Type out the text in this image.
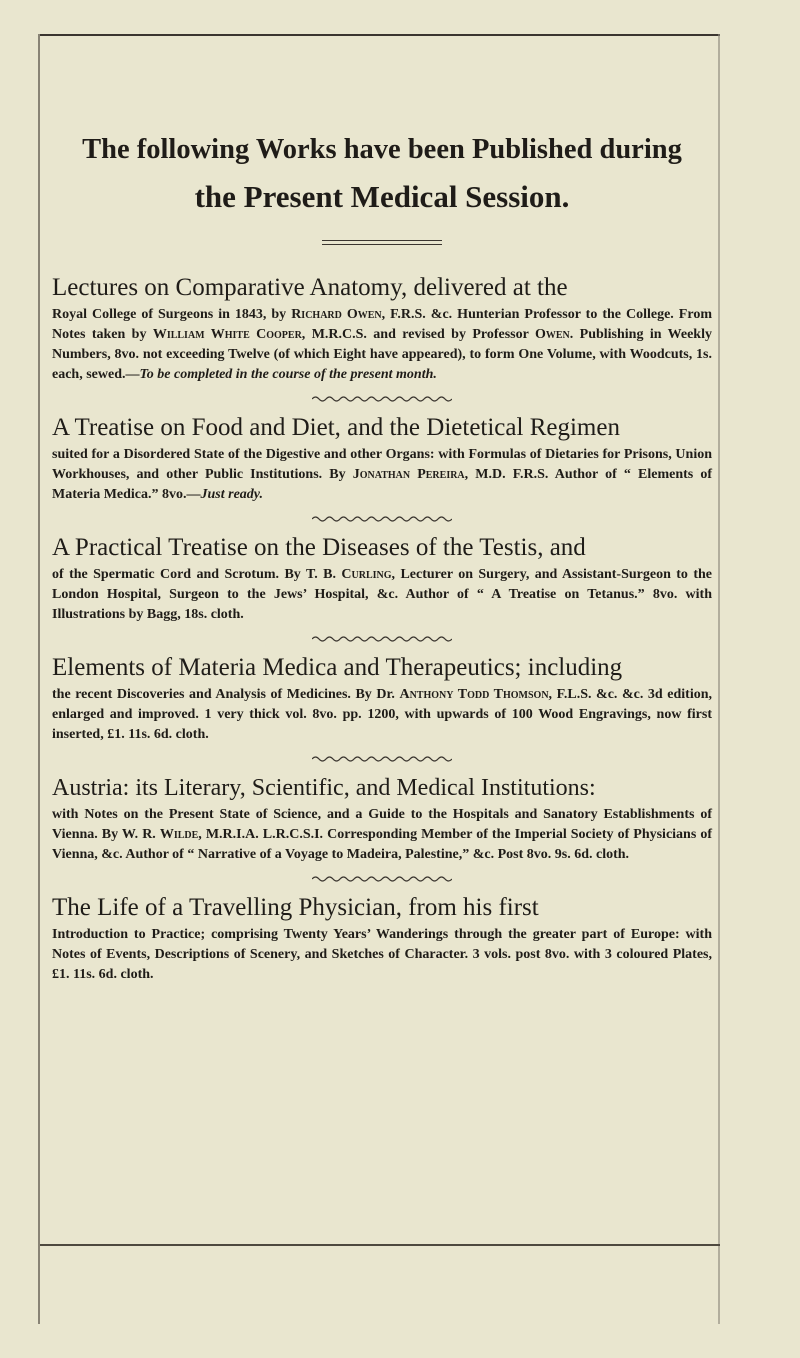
The following Works have been Published during
the Present Medical Session.
Lectures on Comparative Anatomy, delivered at the
Royal College of Surgeons in 1843, by Richard Owen, F.R.S. &c. Hunterian Professor to the College. From Notes taken by William White Cooper, M.R.C.S. and revised by Professor Owen. Publishing in Weekly Numbers, 8vo. not exceeding Twelve (of which Eight have appeared), to form One Volume, with Woodcuts, 1s. each, sewed.—To be completed in the course of the present month.
A Treatise on Food and Diet, and the Dietetical Regimen
suited for a Disordered State of the Digestive and other Organs: with Formulas of Dietaries for Prisons, Union Workhouses, and other Public Institutions. By Jonathan Pereira, M.D. F.R.S. Author of “ Elements of Materia Medica.” 8vo.—Just ready.
A Practical Treatise on the Diseases of the Testis, and
of the Spermatic Cord and Scrotum. By T. B. Curling, Lecturer on Surgery, and Assistant-Surgeon to the London Hospital, Surgeon to the Jews’ Hospital, &c. Author of “ A Treatise on Tetanus.” 8vo. with Illustrations by Bagg, 18s. cloth.
Elements of Materia Medica and Therapeutics; including
the recent Discoveries and Analysis of Medicines. By Dr. Anthony Todd Thomson, F.L.S. &c. &c. 3d edition, enlarged and improved. 1 very thick vol. 8vo. pp. 1200, with upwards of 100 Wood Engravings, now first inserted, £1. 11s. 6d. cloth.
Austria: its Literary, Scientific, and Medical Institutions:
with Notes on the Present State of Science, and a Guide to the Hospitals and Sanatory Establishments of Vienna. By W. R. Wilde, M.R.I.A. L.R.C.S.I. Corresponding Member of the Imperial Society of Physicians of Vienna, &c. Author of “ Narrative of a Voyage to Madeira, Palestine,” &c. Post 8vo. 9s. 6d. cloth.
The Life of a Travelling Physician, from his first
Introduction to Practice; comprising Twenty Years’ Wanderings through the greater part of Europe: with Notes of Events, Descriptions of Scenery, and Sketches of Character. 3 vols. post 8vo. with 3 coloured Plates, £1. 11s. 6d. cloth.
